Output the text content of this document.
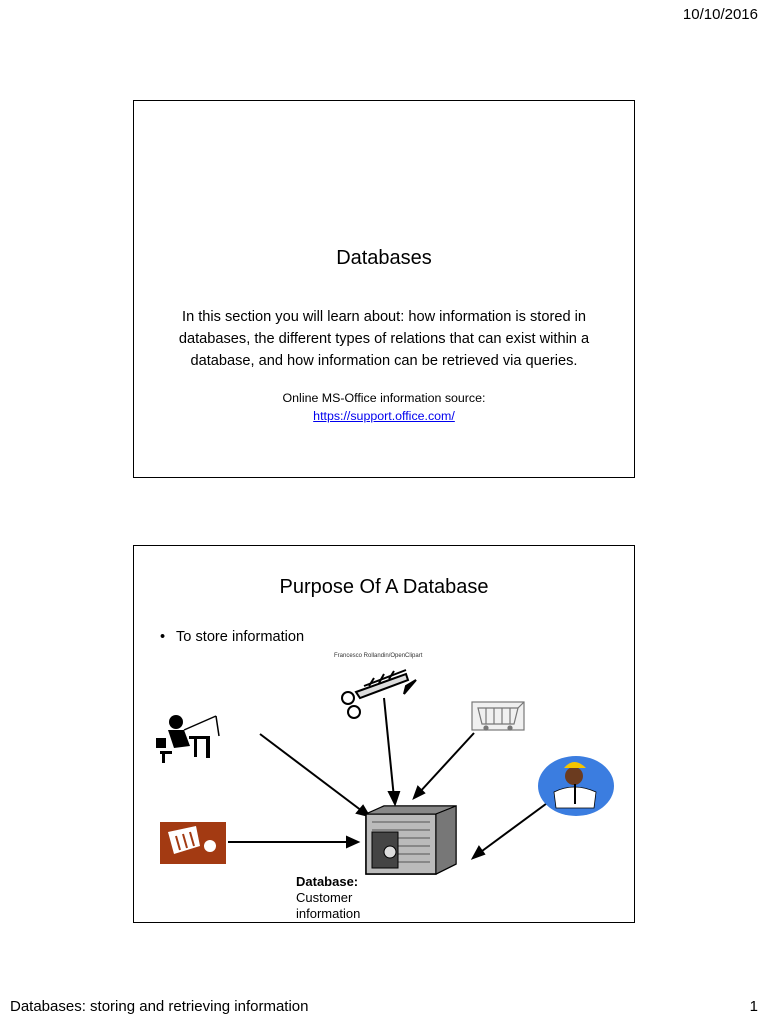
10/10/2016
Databases
In this section you will learn about: how information is stored in databases, the different types of relations that can exist within a database, and how information can be retrieved via queries.
Online MS-Office information source:
https://support.office.com/
Purpose Of A Database
• To store information
Francesco Rollandin/OpenClipart
Database:
Customer information
Databases: storing and retrieving information	1
